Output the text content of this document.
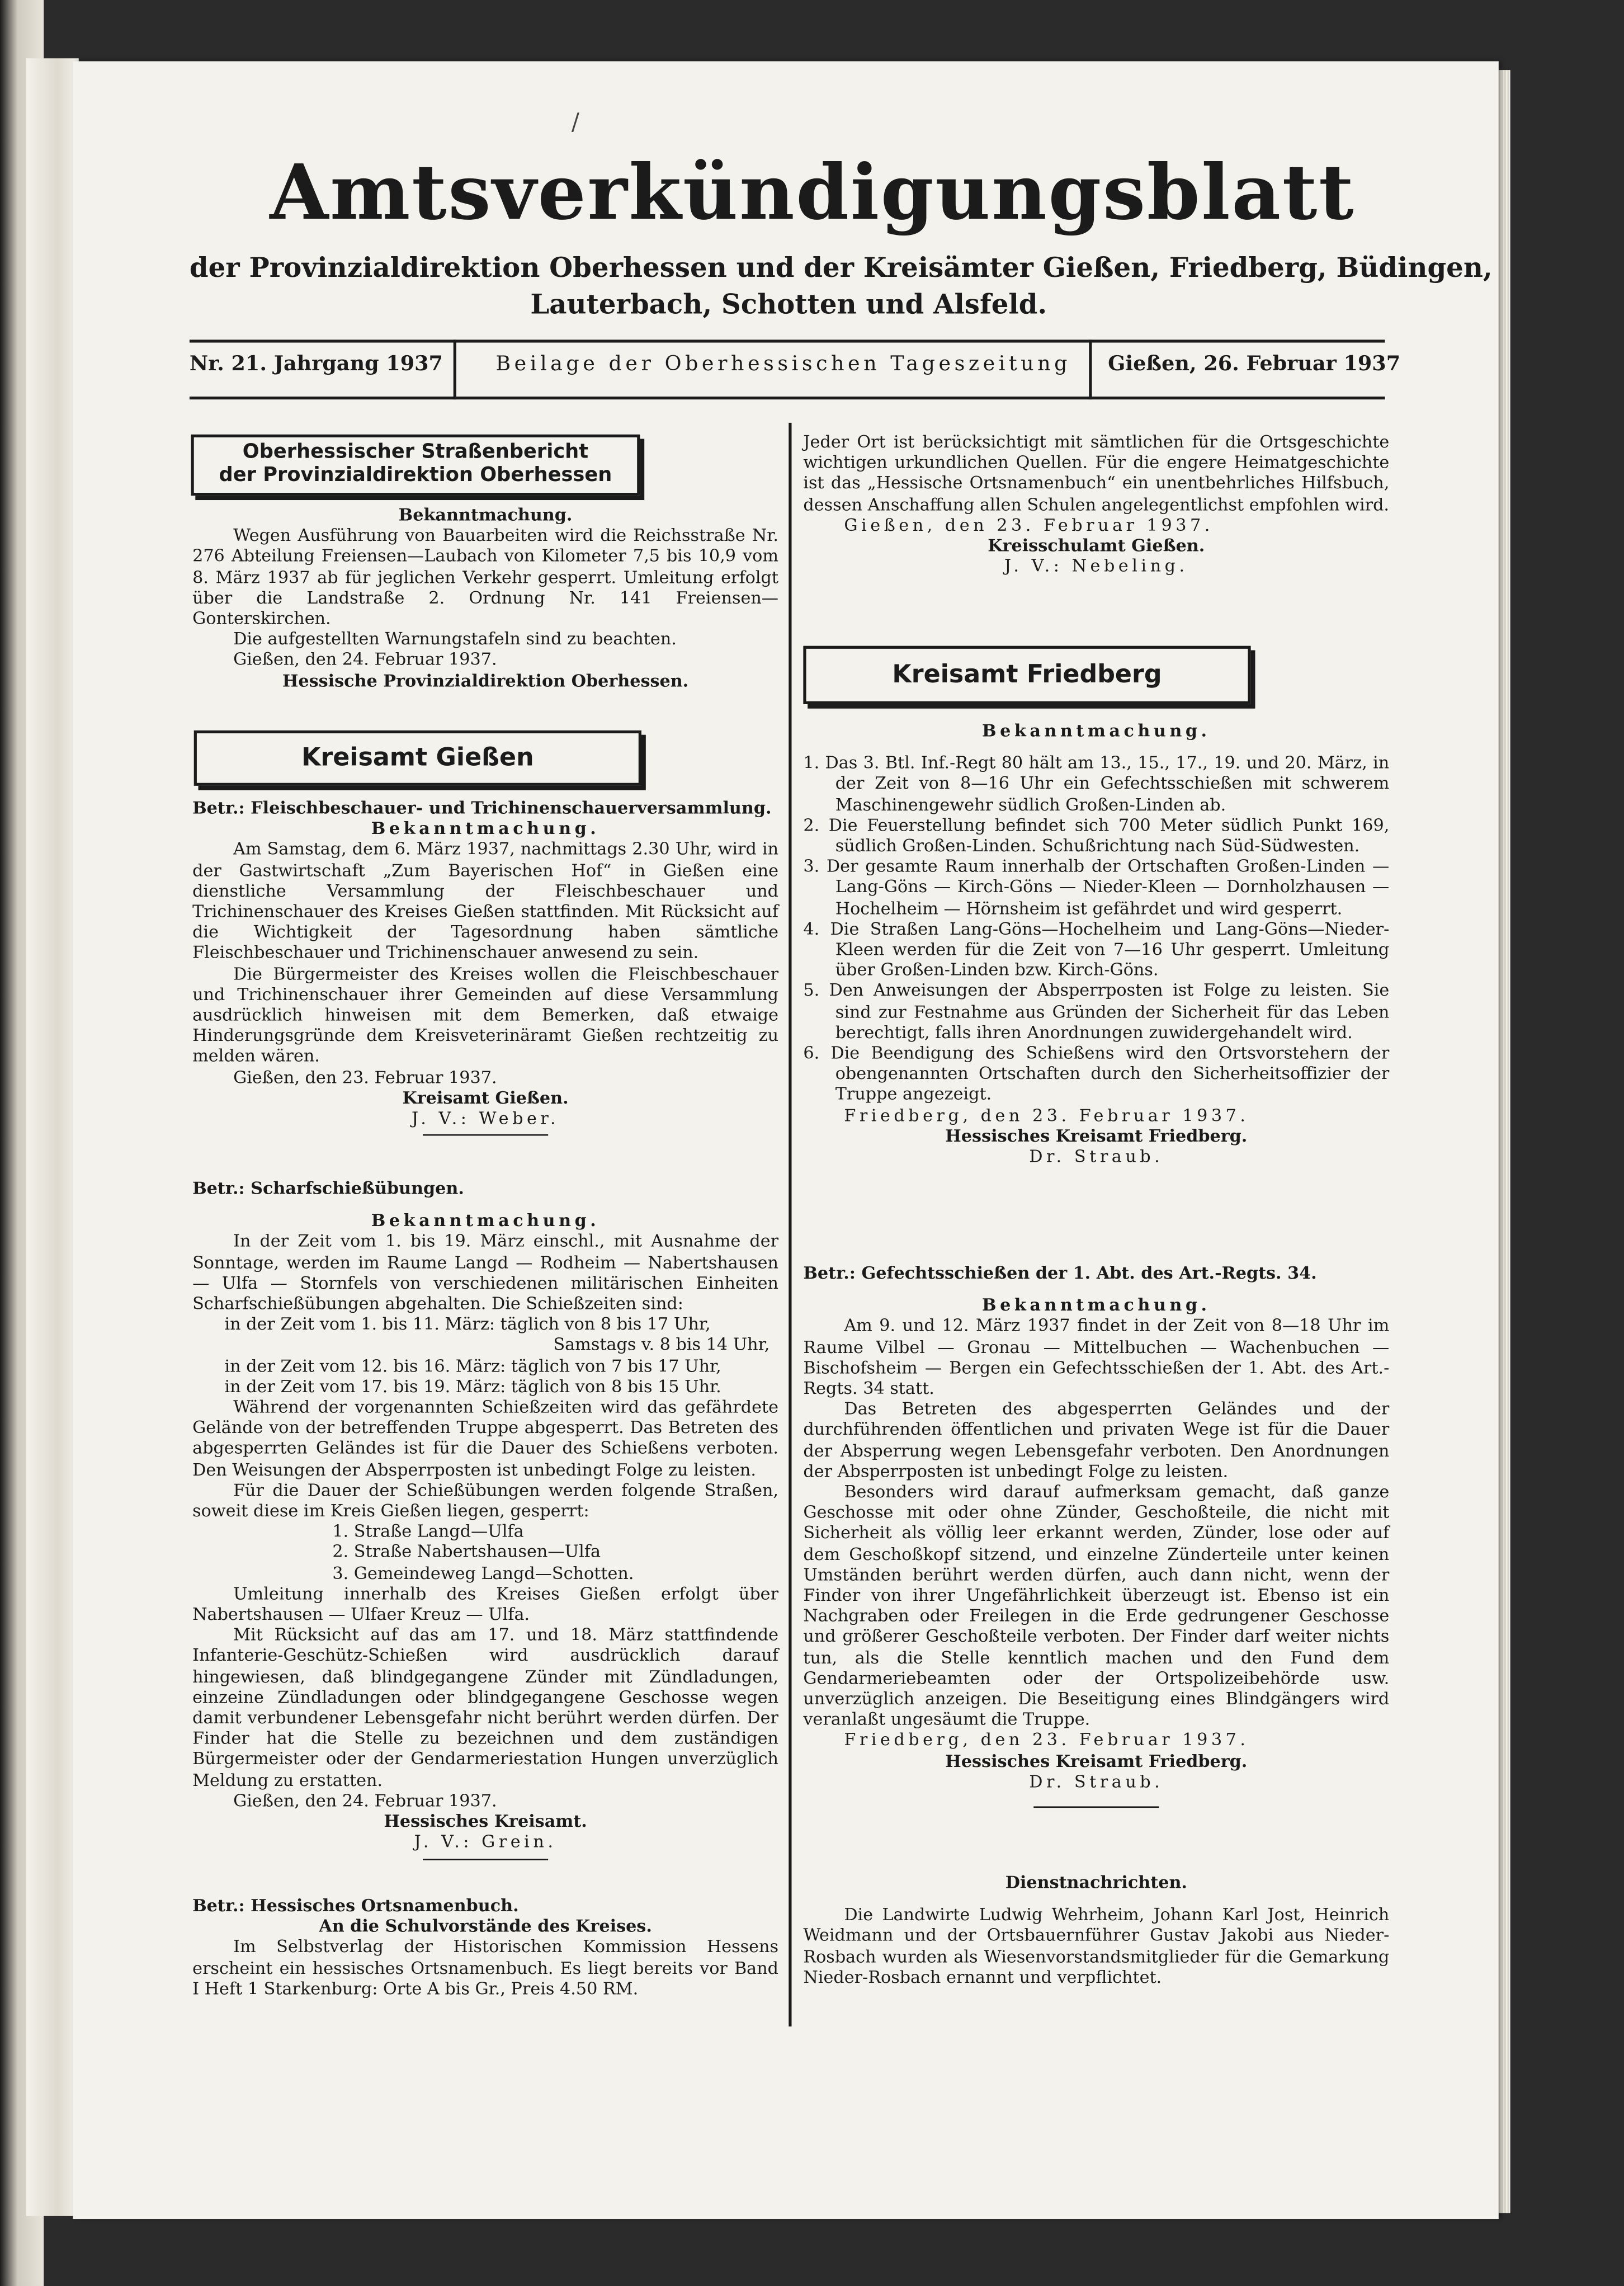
/
Amtsverkündigungsblatt
der Provinzialdirektion Oberhessen und der Kreisämter Gießen, Friedberg, Büdingen,
Lauterbach, Schotten und Alsfeld.
Nr. 21. Jahrgang 1937	Beilage der Oberhessischen Tageszeitung	Gießen, 26. Februar 1937
Oberhessischer Straßenbericht
der Provinzialdirektion Oberhessen
Kreisamt Gießen

Bekanntmachung.

Wegen Ausführung von Bauarbeiten wird die Reichsstraße Nr. 276 Abteilung Freiensen—Laubach von Kilometer 7,5 bis 10,9 vom 8. März 1937 ab für jeglichen Verkehr gesperrt. Umleitung erfolgt über die Landstraße 2. Ordnung Nr. 141 Freiensen—Gonterskirchen.

Die aufgestellten Warnungstafeln sind zu beachten.

Gießen, den 24. Februar 1937.

Hessische Provinzialdirektion Oberhessen.

Betr.: Fleischbeschauer- und Trichinenschauerversammlung.

Bekanntmachung.

Am Samstag, dem 6. März 1937, nachmittags 2.30 Uhr, wird in der Gastwirtschaft „Zum Bayerischen Hof“ in Gießen eine dienstliche Versammlung der Fleischbeschauer und Trichinenschauer des Kreises Gießen stattfinden. Mit Rücksicht auf die Wichtigkeit der Tagesordnung haben sämtliche Fleischbeschauer und Trichinenschauer anwesend zu sein.

Die Bürgermeister des Kreises wollen die Fleischbeschauer und Trichinenschauer ihrer Gemeinden auf diese Versammlung ausdrücklich hinweisen mit dem Bemerken, daß etwaige Hinderungsgründe dem Kreisveterinäramt Gießen rechtzeitig zu melden wären.

Gießen, den 23. Februar 1937.

Kreisamt Gießen.

J. V.: Weber.

Betr.: Scharfschießübungen.

Bekanntmachung.

In der Zeit vom 1. bis 19. März einschl., mit Ausnahme der Sonntage, werden im Raume Langd — Rodheim — Nabertshausen — Ulfa — Stornfels von verschiedenen militärischen Einheiten Scharfschießübungen abgehalten. Die Schießzeiten sind:

in der Zeit vom 1. bis 11. März: täglich von 8 bis 17 Uhr,

Samstags v. 8 bis 14 Uhr,

in der Zeit vom 12. bis 16. März: täglich von 7 bis 17 Uhr,

in der Zeit vom 17. bis 19. März: täglich von 8 bis 15 Uhr.

Während der vorgenannten Schießzeiten wird das gefährdete Gelände von der betreffenden Truppe abgesperrt. Das Betreten des abgesperrten Geländes ist für die Dauer des Schießens verboten. Den Weisungen der Absperrposten ist unbedingt Folge zu leisten.

Für die Dauer der Schießübungen werden folgende Straßen, soweit diese im Kreis Gießen liegen, gesperrt:

1. Straße Langd—Ulfa

2. Straße Nabertshausen—Ulfa

3. Gemeindeweg Langd—Schotten.

Umleitung innerhalb des Kreises Gießen erfolgt über Nabertshausen — Ulfaer Kreuz — Ulfa.

Mit Rücksicht auf das am 17. und 18. März stattfindende Infanterie-Geschütz-Schießen wird ausdrücklich darauf hingewiesen, daß blindgegangene Zünder mit Zündladungen, einzeine Zündladungen oder blindgegangene Geschosse wegen damit verbundener Lebensgefahr nicht berührt werden dürfen. Der Finder hat die Stelle zu bezeichnen und dem zuständigen Bürgermeister oder der Gendarmeriestation Hungen unverzüglich Meldung zu erstatten.

Gießen, den 24. Februar 1937.

Hessisches Kreisamt.

J. V.: Grein.

Betr.: Hessisches Ortsnamenbuch.

An die Schulvorstände des Kreises.

Im Selbstverlag der Historischen Kommission Hessens erscheint ein hessisches Ortsnamenbuch. Es liegt bereits vor Band I Heft 1 Starkenburg: Orte A bis Gr., Preis 4.50 RM.

Jeder Ort ist berücksichtigt mit sämtlichen für die Ortsgeschichte wichtigen urkundlichen Quellen. Für die engere Heimatgeschichte ist das „Hessische Ortsnamenbuch“ ein unentbehrliches Hilfsbuch, dessen Anschaffung allen Schulen angelegentlichst empfohlen wird.

Gießen, den 23. Februar 1937.

Kreisschulamt Gießen.

J. V.: Nebeling.

Kreisamt Friedberg

Bekanntmachung.

1. Das 3. Btl. Inf.-Regt 80 hält am 13., 15., 17., 19. und 20. März, in der Zeit von 8—16 Uhr ein Gefechtsschießen mit schwerem Maschinengewehr südlich Großen-Linden ab.

2. Die Feuerstellung befindet sich 700 Meter südlich Punkt 169, südlich Großen-Linden. Schußrichtung nach Süd-Südwesten.

3. Der gesamte Raum innerhalb der Ortschaften Großen-Linden — Lang-Göns — Kirch-Göns — Nieder-Kleen — Dornholzhausen — Hochelheim — Hörnsheim ist gefährdet und wird gesperrt.

4. Die Straßen Lang-Göns—Hochelheim und Lang-Göns—Nieder-Kleen werden für die Zeit von 7—16 Uhr gesperrt. Umleitung über Großen-Linden bzw. Kirch-Göns.

5. Den Anweisungen der Absperrposten ist Folge zu leisten. Sie sind zur Festnahme aus Gründen der Sicherheit für das Leben berechtigt, falls ihren Anordnungen zuwidergehandelt wird.

6. Die Beendigung des Schießens wird den Ortsvorstehern der obengenannten Ortschaften durch den Sicherheitsoffizier der Truppe angezeigt.

Friedberg, den 23. Februar 1937.

Hessisches Kreisamt Friedberg.

Dr. Straub.

Betr.: Gefechtsschießen der 1. Abt. des Art.-Regts. 34.

Bekanntmachung.

Am 9. und 12. März 1937 findet in der Zeit von 8—18 Uhr im Raume Vilbel — Gronau — Mittelbuchen — Wachenbuchen — Bischofsheim — Bergen ein Gefechtsschießen der 1. Abt. des Art.-Regts. 34 statt.

Das Betreten des abgesperrten Geländes und der durchführenden öffentlichen und privaten Wege ist für die Dauer der Absperrung wegen Lebensgefahr verboten. Den Anordnungen der Absperrposten ist unbedingt Folge zu leisten.

Besonders wird darauf aufmerksam gemacht, daß ganze Geschosse mit oder ohne Zünder, Geschoßteile, die nicht mit Sicherheit als völlig leer erkannt werden, Zünder, lose oder auf dem Geschoßkopf sitzend, und einzelne Zünderteile unter keinen Umständen berührt werden dürfen, auch dann nicht, wenn der Finder von ihrer Ungefährlichkeit überzeugt ist. Ebenso ist ein Nachgraben oder Freilegen in die Erde gedrungener Geschosse und größerer Geschoßteile verboten. Der Finder darf weiter nichts tun, als die Stelle kenntlich machen und den Fund dem Gendarmeriebeamten oder der Ortspolizeibehörde usw. unverzüglich anzeigen. Die Beseitigung eines Blindgängers wird veranlaßt ungesäumt die Truppe.

Friedberg, den 23. Februar 1937.

Hessisches Kreisamt Friedberg.

Dr. Straub.

Dienstnachrichten.

Die Landwirte Ludwig Wehrheim, Johann Karl Jost, Heinrich Weidmann und der Ortsbauernführer Gustav Jakobi aus Nieder-Rosbach wurden als Wiesenvorstandsmitglieder für die Gemarkung Nieder-Rosbach ernannt und verpflichtet.
